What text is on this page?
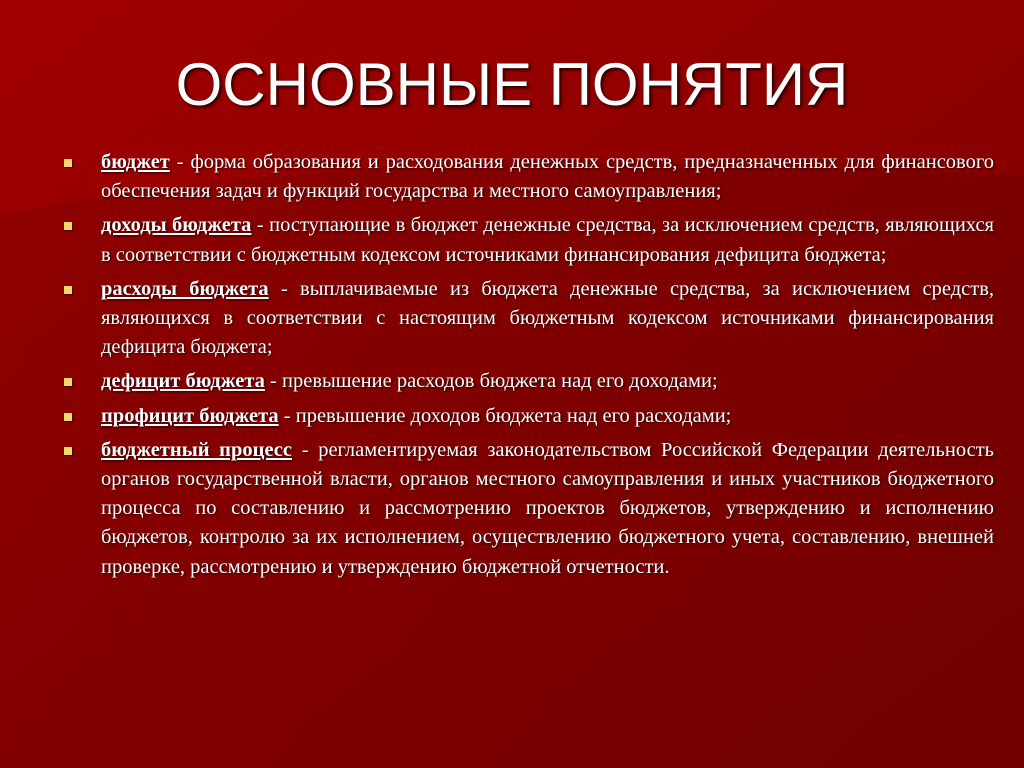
ОСНОВНЫЕ ПОНЯТИЯ
бюджет - форма образования и расходования денежных средств, предназначенных для финансового обеспечения задач и функций государства и местного самоуправления;
доходы бюджета - поступающие в бюджет денежные средства, за исключением средств, являющихся в соответствии с бюджетным кодексом источниками финансирования дефицита бюджета;
расходы бюджета - выплачиваемые из бюджета денежные средства, за исключением средств, являющихся в соответствии с настоящим бюджетным кодексом источниками финансирования дефицита бюджета;
дефицит бюджета - превышение расходов бюджета над его доходами;
профицит бюджета - превышение доходов бюджета над его расходами;
бюджетный процесс - регламентируемая законодательством Российской Федерации деятельность органов государственной власти, органов местного самоуправления и иных участников бюджетного процесса по составлению и рассмотрению проектов бюджетов, утверждению и исполнению бюджетов, контролю за их исполнением, осуществлению бюджетного учета, составлению, внешней проверке, рассмотрению и утверждению бюджетной отчетности.
